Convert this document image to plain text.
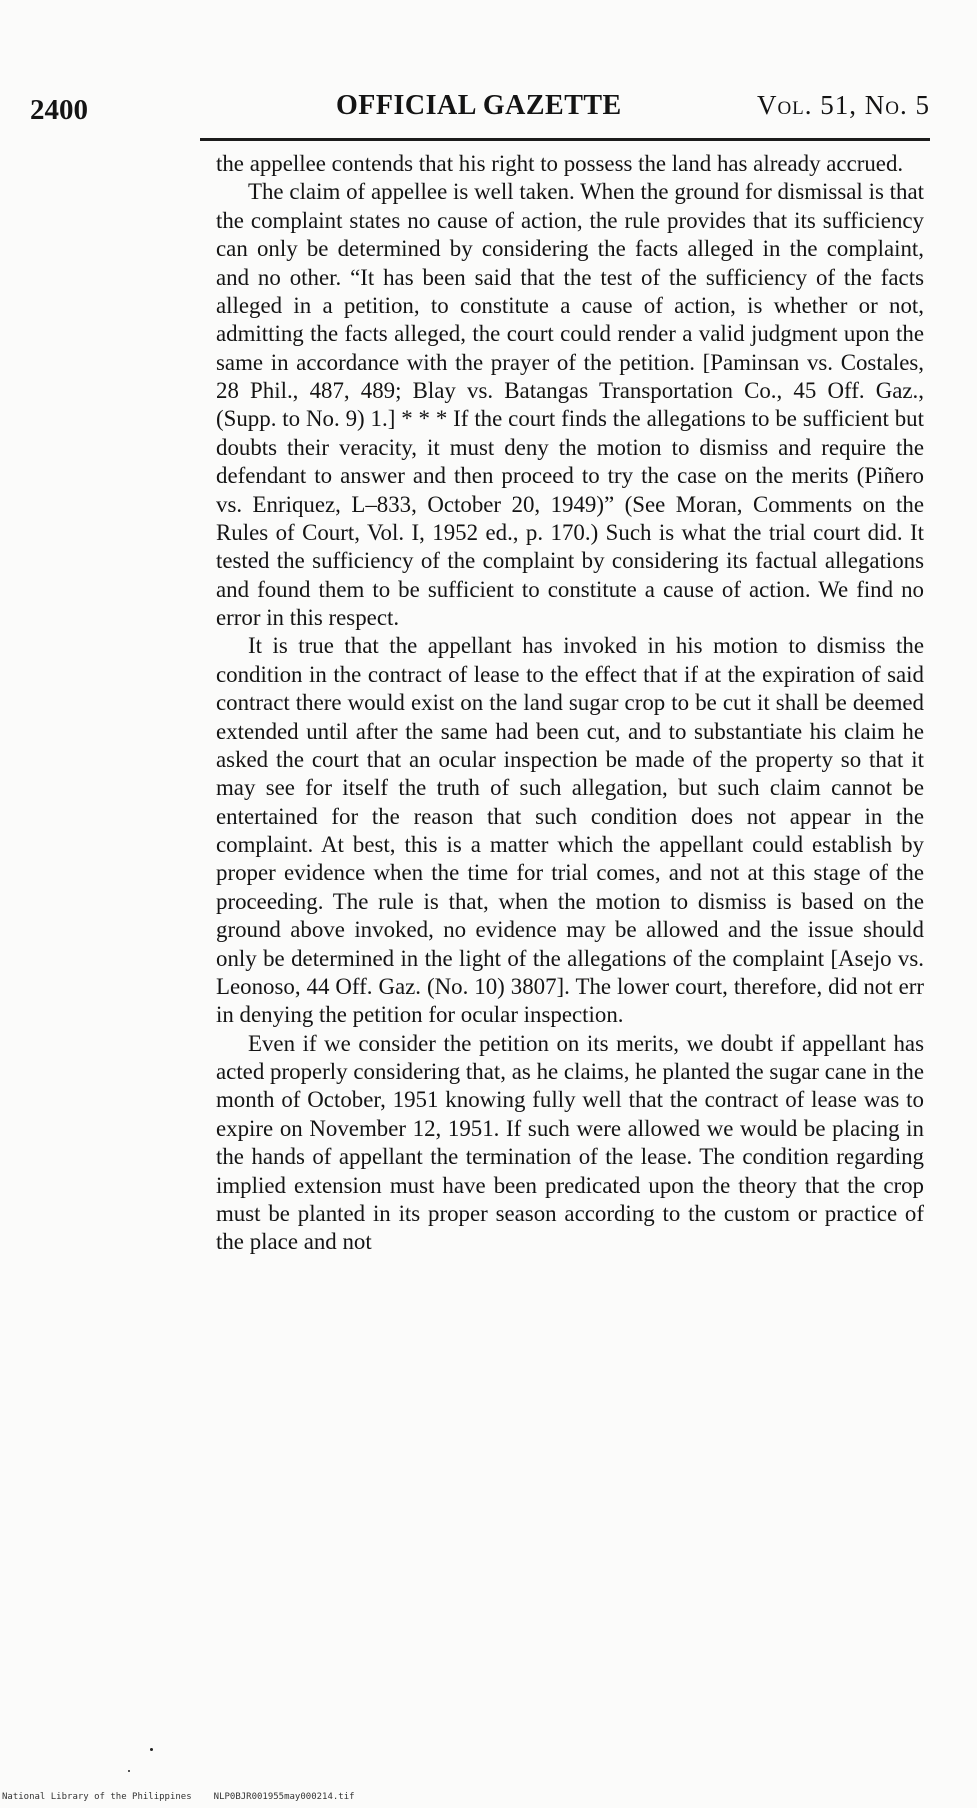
2400	OFFICIAL GAZETTE	Vol. 51, No. 5

the appellee contends that his right to possess the land has already accrued.

The claim of appellee is well taken. When the ground for dismissal is that the complaint states no cause of action, the rule provides that its sufficiency can only be determined by considering the facts alleged in the complaint, and no other. “It has been said that the test of the sufficiency of the facts alleged in a petition, to constitute a cause of action, is whether or not, admitting the facts alleged, the court could render a valid judgment upon the same in accordance with the prayer of the petition. [Paminsan vs. Costales, 28 Phil., 487, 489; Blay vs. Batangas Transportation Co., 45 Off. Gaz., (Supp. to No. 9) 1.] * * * If the court finds the allegations to be sufficient but doubts their veracity, it must deny the motion to dismiss and require the defendant to answer and then proceed to try the case on the merits (Piñero vs. Enriquez, L–833, October 20, 1949)” (See Moran, Comments on the Rules of Court, Vol. I, 1952 ed., p. 170.) Such is what the trial court did. It tested the sufficiency of the complaint by considering its factual allegations and found them to be sufficient to constitute a cause of action. We find no error in this respect.

It is true that the appellant has invoked in his motion to dismiss the condition in the contract of lease to the effect that if at the expiration of said contract there would exist on the land sugar crop to be cut it shall be deemed extended until after the same had been cut, and to substantiate his claim he asked the court that an ocular inspection be made of the property so that it may see for itself the truth of such allegation, but such claim cannot be entertained for the reason that such condition does not appear in the complaint. At best, this is a matter which the appellant could establish by proper evidence when the time for trial comes, and not at this stage of the proceeding. The rule is that, when the motion to dismiss is based on the ground above invoked, no evidence may be allowed and the issue should only be determined in the light of the allegations of the complaint [Asejo vs. Leonoso, 44 Off. Gaz. (No. 10) 3807]. The lower court, therefore, did not err in denying the petition for ocular inspection.

Even if we consider the petition on its merits, we doubt if appellant has acted properly considering that, as he claims, he planted the sugar cane in the month of October, 1951 knowing fully well that the contract of lease was to expire on November 12, 1951. If such were allowed we would be placing in the hands of appellant the termination of the lease. The condition regarding implied extension must have been predicated upon the theory that the crop must be planted in its proper season according to the custom or practice of the place and not

National Library of the Philippines NLP0BJR001955may000214.tif
